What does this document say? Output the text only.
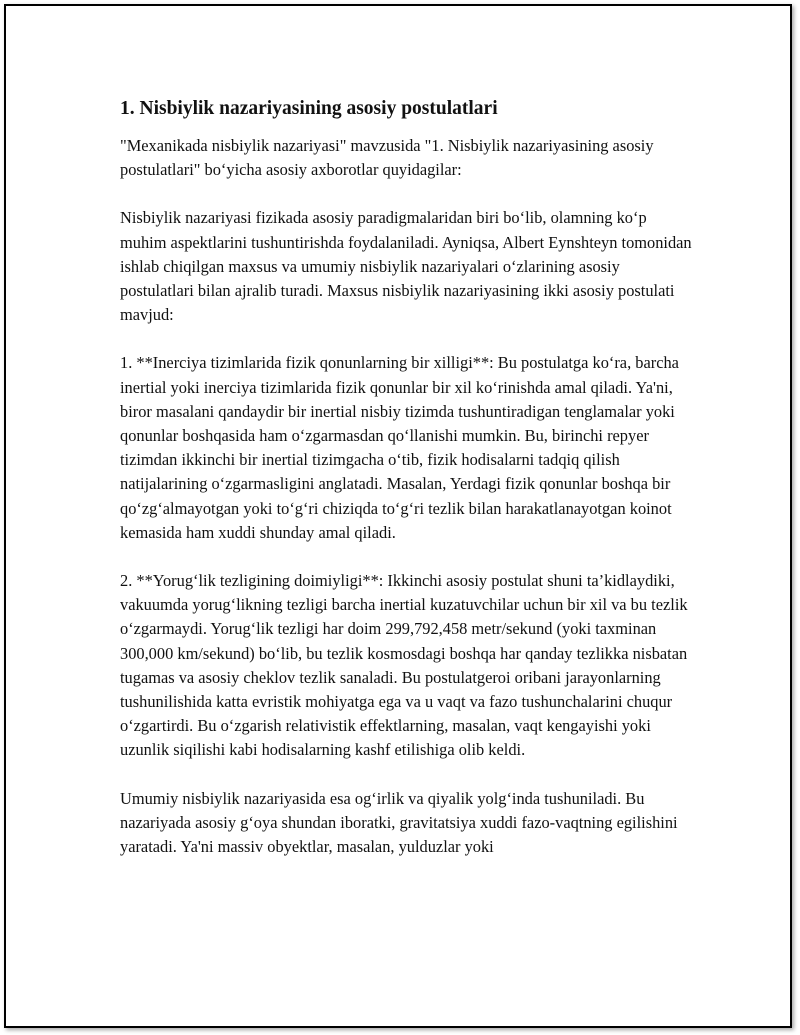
1. Nisbiylik nazariyasining asosiy postulatlari

"Mexanikada nisbiylik nazariyasi" mavzusida "1. Nisbiylik nazariyasining asosiy postulatlari" bo‘yicha asosiy axborotlar quyidagilar:

Nisbiylik nazariyasi fizikada asosiy paradigmalaridan biri bo‘lib, olamning ko‘p muhim aspektlarini tushuntirishda foydalaniladi. Ayniqsa, Albert Eynshteyn tomonidan ishlab chiqilgan maxsus va umumiy nisbiylik nazariyalari o‘zlarining asosiy postulatlari bilan ajralib turadi. Maxsus nisbiylik nazariyasining ikki asosiy postulati mavjud:

1. **Inerciya tizimlarida fizik qonunlarning bir xilligi**: Bu postulatga ko‘ra, barcha inertial yoki inerciya tizimlarida fizik qonunlar bir xil ko‘rinishda amal qiladi. Ya'ni, biror masalani qandaydir bir inertial nisbiy tizimda tushuntiradigan tenglamalar yoki qonunlar boshqasida ham o‘zgarmasdan qo‘llanishi mumkin. Bu, birinchi repyer tizimdan ikkinchi bir inertial tizimgacha o‘tib, fizik hodisalarni tadqiq qilish natijalarining o‘zgarmasligini anglatadi. Masalan, Yerdagi fizik qonunlar boshqa bir qo‘zg‘almayotgan yoki to‘g‘ri chiziqda to‘g‘ri tezlik bilan harakatlanayotgan koinot kemasida ham xuddi shunday amal qiladi.

2. **Yorug‘lik tezligining doimiyligi**: Ikkinchi asosiy postulat shuni ta’kidlaydiki, vakuumda yorug‘likning tezligi barcha inertial kuzatuvchilar uchun bir xil va bu tezlik o‘zgarmaydi. Yorug‘lik tezligi har doim 299,792,458 metr/sekund (yoki taxminan 300,000 km/sekund) bo‘lib, bu tezlik kosmosdagi boshqa har qanday tezlikka nisbatan tugamas va asosiy cheklov tezlik sanaladi. Bu postulatgeroi oribani jarayonlarning tushunilishida katta evristik mohiyatga ega va u vaqt va fazo tushunchalarini chuqur o‘zgartirdi. Bu o‘zgarish relativistik effektlarning, masalan, vaqt kengayishi yoki uzunlik siqilishi kabi hodisalarning kashf etilishiga olib keldi.

Umumiy nisbiylik nazariyasida esa og‘irlik va qiyalik yolg‘inda tushuniladi. Bu nazariyada asosiy g‘oya shundan iboratki, gravitatsiya xuddi fazo-vaqtning egilishini yaratadi. Ya'ni massiv obyektlar, masalan, yulduzlar yoki
